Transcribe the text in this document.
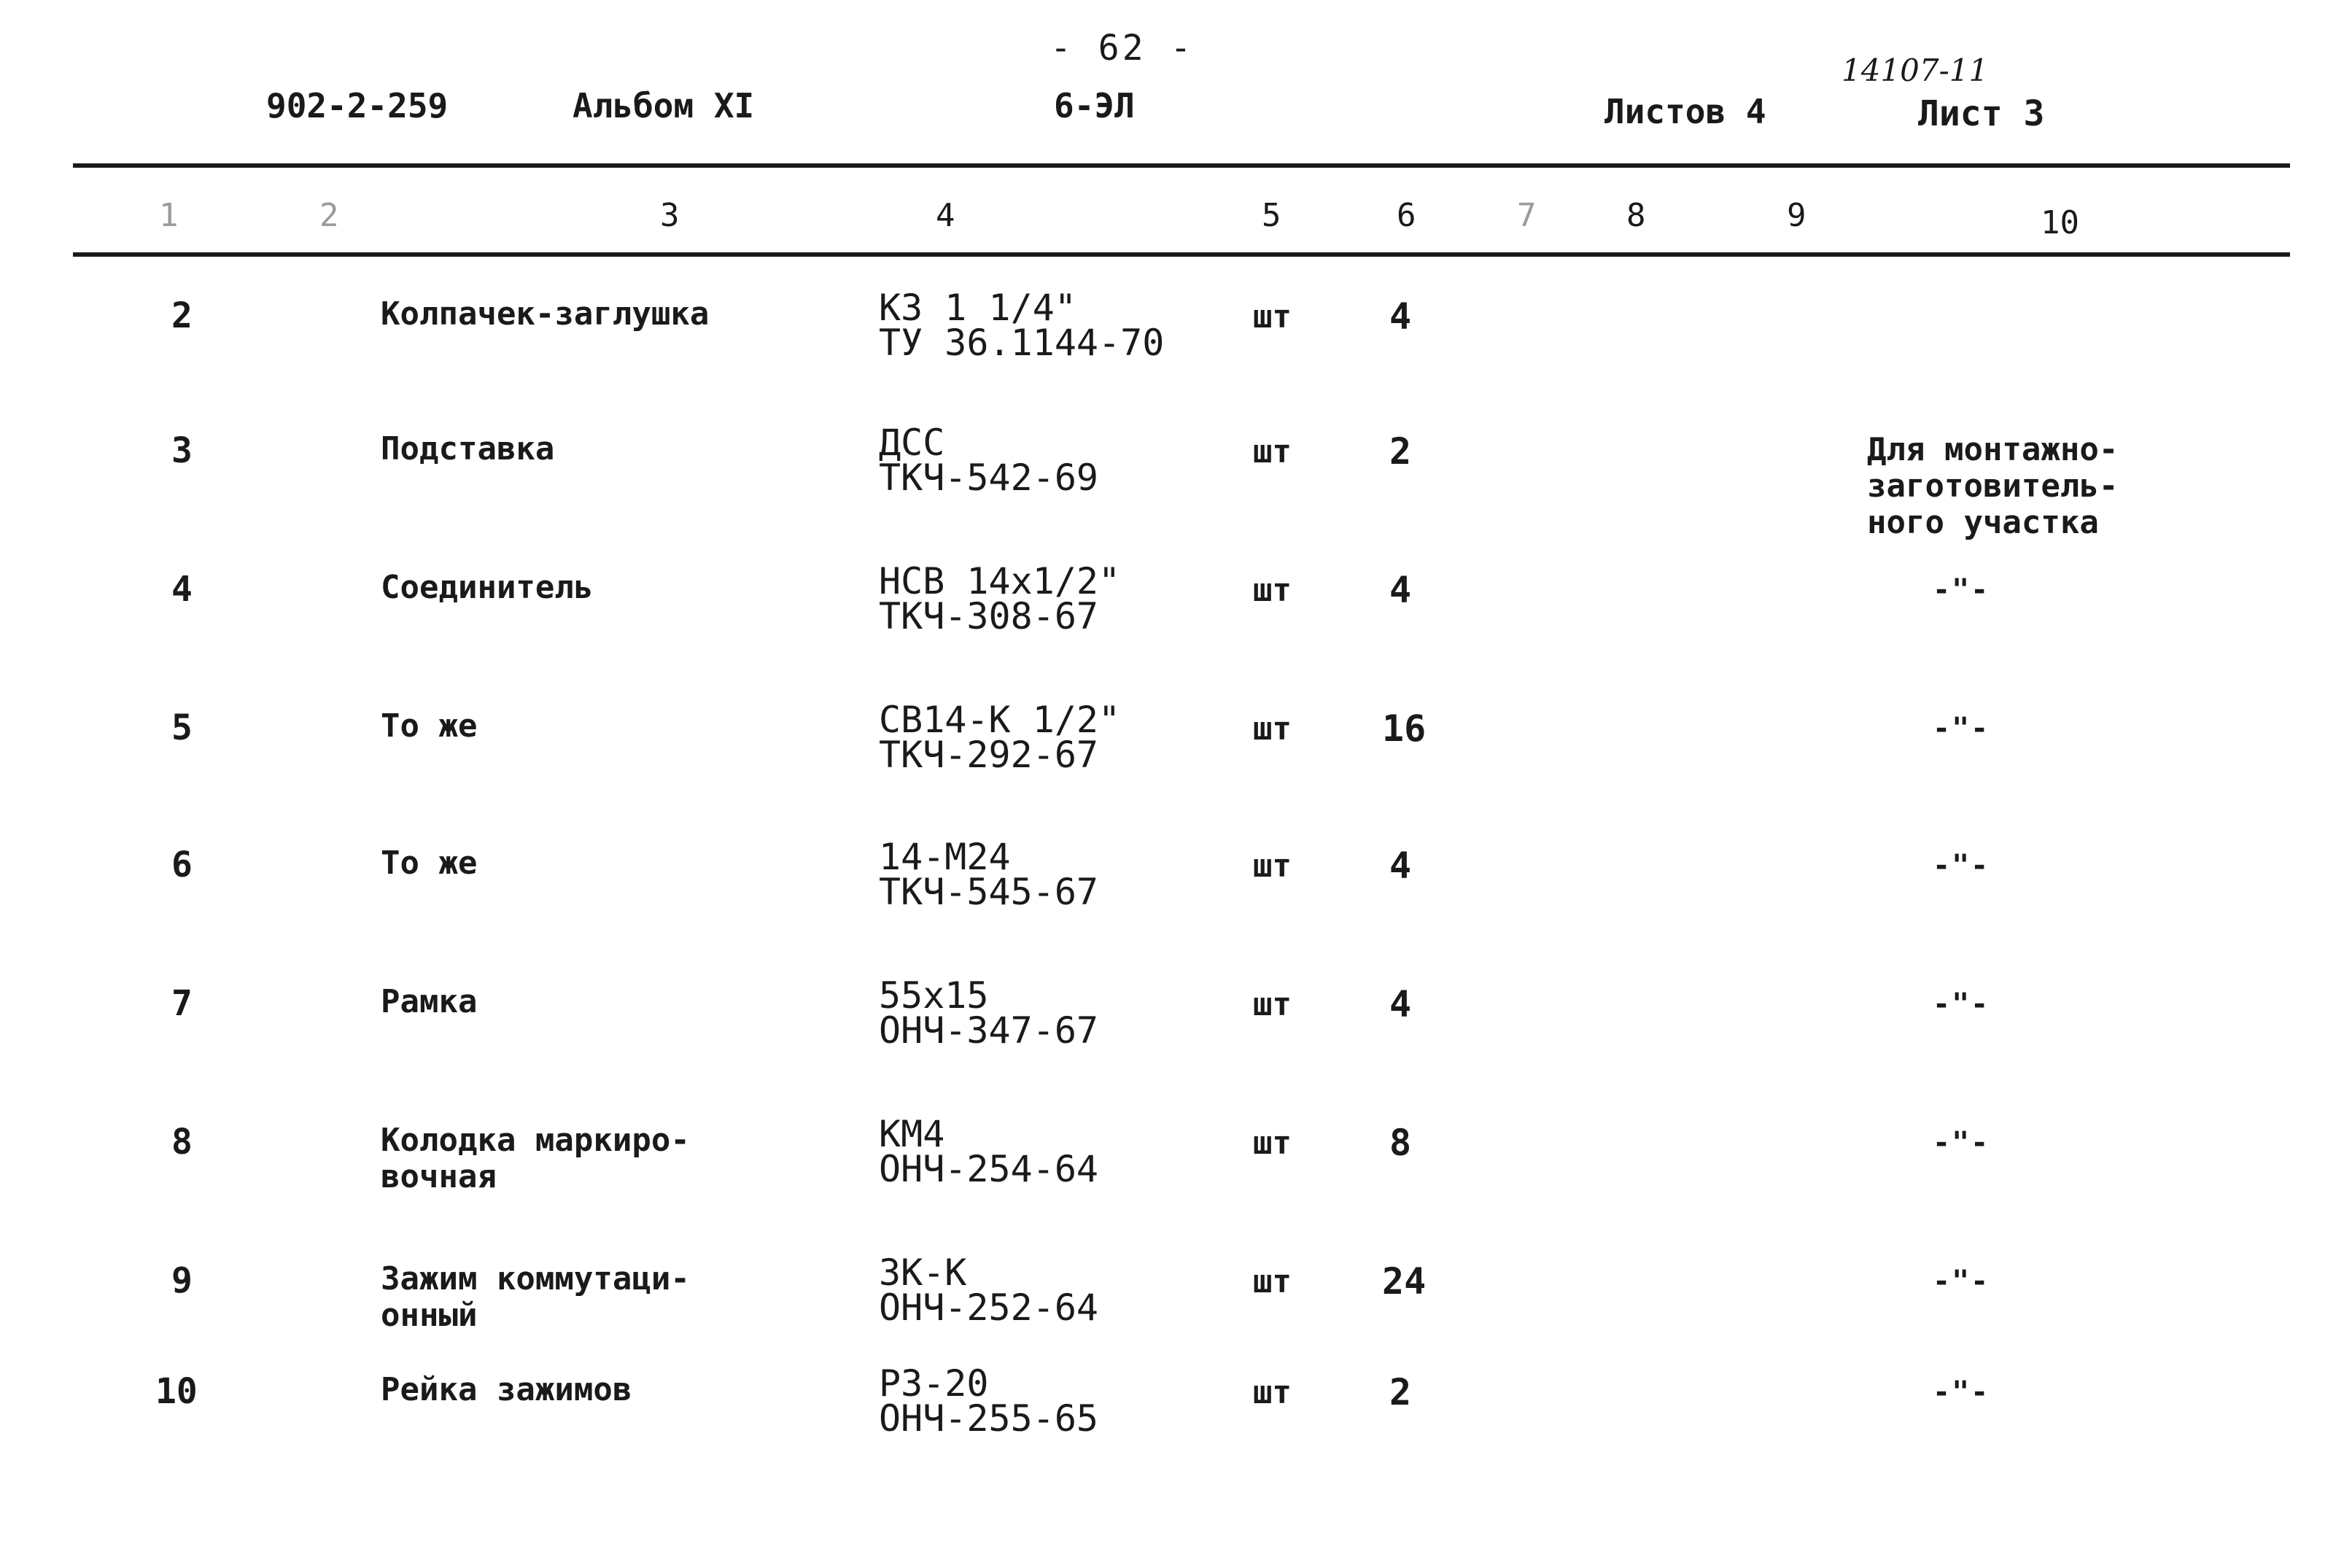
- 62 -
902-2-259	Альбом XI	6-ЭЛ	Листов 4
14107-11
Лист 3
1	2	3	4	5	6	7	8	9	10
2	Колпачек-заглушка	КЗ 1 1/4"
ТУ 36.1144-70
шт	4
3	Подставка	ДСС
ТКЧ-542-69
шт	2	Для монтажно-
заготовитель-
ного участка
4	Соединитель	НСВ 14х1/2"
ТКЧ-308-67
шт	4	-"-
5	То же	СВ14-К 1/2"
ТКЧ-292-67
шт 16	-"-
6	То же	14-М24
ТКЧ-545-67
шт	4	-"-
7	Рамка	55х15
ОНЧ-347-67
шт	4	-"-
8	Колодка маркиро-
вочная
КМ4
ОНЧ-254-64
шт	8	-"-
9	Зажим коммутаци-
онный
ЗК-К
ОНЧ-252-64
шт 24	-"-
10	Рейка зажимов	РЗ-20
ОНЧ-255-65
шт	2	-"-
